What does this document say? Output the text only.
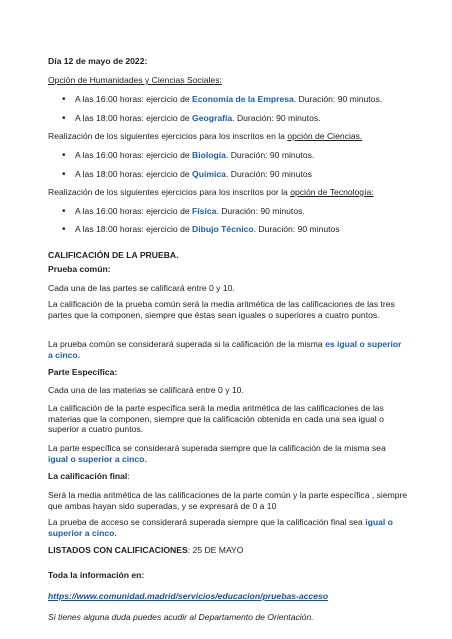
Día 12 de mayo de 2022:
Opción de Humanidades y Ciencias Sociales:
•
A las 16:00 horas: ejercicio de Economía de la Empresa. Duración: 90 minutos.
•
A las 18:00 horas: ejercicio de Geografía. Duración: 90 minutos.
Realización de los siguientes ejercicios para los inscritos en la opción de Ciencias.
•
A las 16:00 horas: ejercicio de Biología. Duración: 90 minutos.
•
A las 18:00 horas: ejercicio de Química. Duración: 90 minutos
Realización de los siguientes ejercicios para los inscritos por la opción de Tecnología:
•
A las 16:00 horas: ejercicio de Física. Duración: 90 minutos.
•
A las 18:00 horas: ejercicio de Dibujo Técnico. Duración: 90 minutos
CALIFICACIÓN DE LA PRUEBA.
Prueba común:
Cada una de las partes se calificará entre 0 y 10.
La calificación de la prueba común será la media aritmética de las calificaciones de las tres partes que la componen, siempre que éstas sean iguales o superiores a cuatro puntos.
La prueba común se considerará superada si la calificación de la misma es igual o superior a cinco.
Parte Específica:
Cada una de las materias se calificará entre 0 y 10.
La calificación de la parte específica será la media aritmética de las calificaciones de las materias que la componen, siempre que la calificación obtenida en cada una sea igual o superior a cuatro puntos.
La parte específica se considerará superada siempre que la calificación de la misma sea igual o superior a cinco.
La calificación final:
Será la media aritmética de las calificaciones de la parte común y la parte específica , siempre que ambas hayan sido superadas, y se expresará de 0 a 10
La prueba de acceso se considerará superada siempre que la calificación final sea igual o superior a cinco.
LISTADOS CON CALIFICACIONES: 25 DE MAYO
Toda la información en:
https://www.comunidad.madrid/servicios/educacion/pruebas-acceso
Si tienes alguna duda puedes acudir al Departamento de Orientación.
